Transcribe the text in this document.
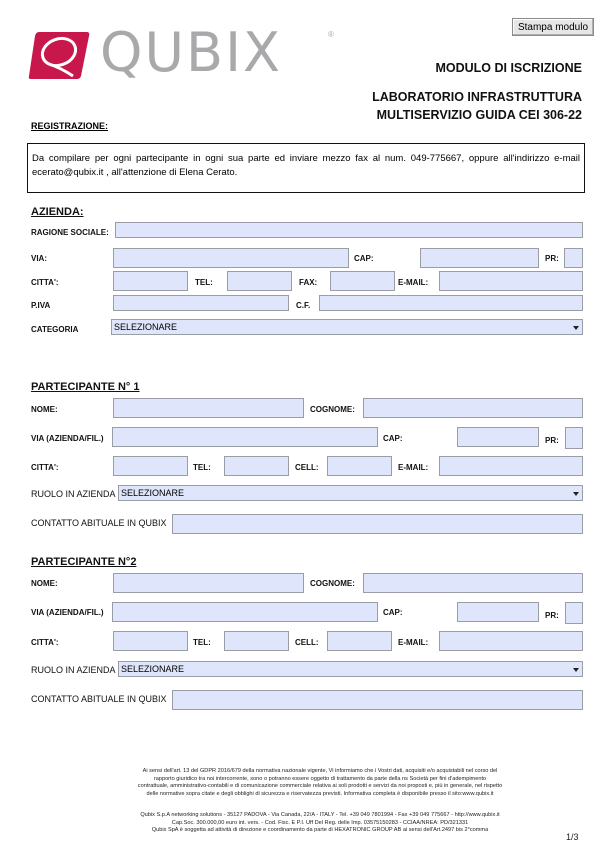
Stampa modulo
QUBIX	®
MODULO DI ISCRIZIONE
LABORATORIO INFRASTRUTTURA
MULTISERVIZIO GUIDA CEI 306-22
REGISTRAZIONE:
Da compilare per ogni partecipante in ogni sua parte ed inviare mezzo fax al num. 049-775667, oppure all'indirizzo e-mail ecerato@qubix.it , all'attenzione di Elena Cerato.
AZIENDA:
RAGIONE SOCIALE:
VIA:	CAP:	PR:
CITTA':	TEL:	FAX:	E-MAIL:
P.IVA	C.F.
CATEGORIA	SELEZIONARE
PARTECIPANTE N° 1
NOME:	COGNOME:
VIA (AZIENDA/FIL.)	CAP:	PR:
CITTA':	TEL:	CELL:	E-MAIL:
RUOLO IN AZIENDA SELEZIONARE
CONTATTO ABITUALE IN QUBIX
PARTECIPANTE N°2
NOME:	COGNOME:
VIA (AZIENDA/FIL.)	CAP:	PR:
CITTA':	TEL:	CELL:	E-MAIL:
RUOLO IN AZIENDA SELEZIONARE
CONTATTO ABITUALE IN QUBIX
Ai sensi dell'art. 13 del GDPR 2016/679 della normativa nazionale vigente, Vi informiamo che i Vostri dati, acquisiti e/o acquistabili nel corso del
rapporto giuridico tra noi intercorrente, sono o potranno essere oggetto di trattamento da parte della ns Società per fini d'adempimento
contrattuale, amministrativo-contabili e di comunicazione commerciale relativa ai soli prodotti e servizi da noi proposti e, più in generale, nel rispetto
delle normative sopra citate e degli obblighi di sicurezza e riservatezza previsti. Informativa completa è disponibile presso il sito:www.qubix.it
Qubix S.p.A networking solutions - 35127 PADOVA - Via Canada, 22/A - ITALY - Tel. +39 049 7801994 - Fax +39 049 775667 - http://www.qubix.it
Cap.Soc. 300.000,00 euro int. vers. - Cod. Fisc. E P.I. Uff Del Reg. delle Imp. 03575150283 - CCIAA/NREA: PD/321331
Qubix SpA è soggetta ad attività di direzione e coordinamento da parte di HEXATRONIC GROUP AB ai sensi dell'Art.2497 bis 2°comma
1/3
